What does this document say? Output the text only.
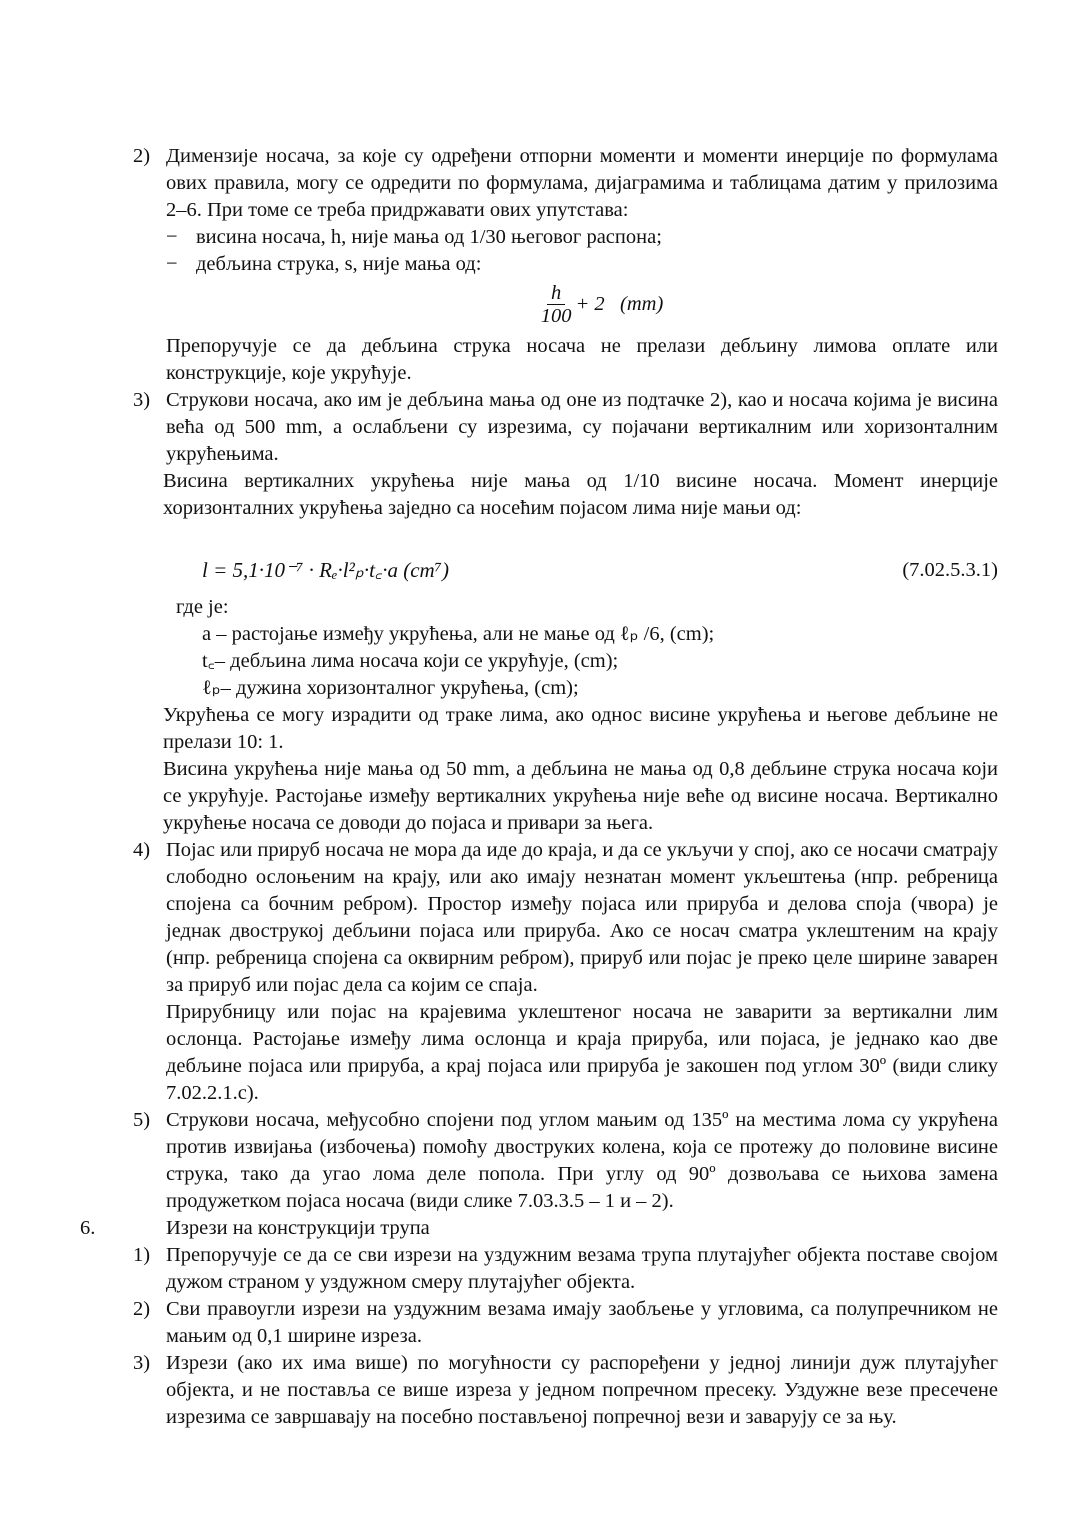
2) Димензије носача, за које су одређени отпорни моменти и моменти инерције по формулама ових правила, могу се одредити по формулама, дијаграмима и таблицама датим у прилозима 2–6. При томе се треба придржавати ових упутстава:

− висина носача, h, није мања од 1/30 његовог распона;
− дебљина струка, s, није мања од:
h
100
+ 2   (mm)

Препоручује се да дебљина струка носача не прелази дебљину лимова оплате или конструкције, које укрућује.

3) Струкови носача, ако им је дебљина мања од оне из подтачке 2), као и носача којима је висина већа од 500 mm, а ослабљени су изрезима, су појачани вертикалним или хоризонталним укрућењима.

Висина вертикалних укрућења није мања од 1/10 висине носача. Момент инерције хоризонталних укрућења заједно са носећим појасом лима није мањи од:

l = 5,1·10⁻⁷ · Rₑ·l²ₚ·t꜀·a (cm⁷)	(7.02.5.3.1)

где је:

a – растојање између укрућења, али не мање од ℓₚ /6, (cm);

t꜀– дебљина лима носача који се укрућује, (cm);

ℓₚ– дужина хоризонталног укрућења, (cm);

Укрућења се могу израдити од траке лима, ако однос висине укрућења и његове дебљине не прелази 10: 1.

Висина укрућења није мања од 50 mm, а дебљина не мања од 0,8 дебљине струка носача који се укрућује. Растојање између вертикалних укрућења није веће од висине носача. Вертикално укрућење носача се доводи до појаса и привари за њега.

4) Појас или прируб носача не мора да иде до краја, и да се укључи у спој, ако се носачи сматрају слободно ослоњеним на крају, или ако имају незнатан момент укљештења (нпр. ребреница спојена са бочним ребром). Простор између појаса или прируба и делова споја (чвора) је једнак двострукој дебљини појаса или прируба. Ако се носач сматра уклештеним на крају (нпр. ребреница спојена са оквирним ребром), прируб или појас је преко целе ширине заварен за прируб или појас дела са којим се спаја.

Прирубницу или појас на крајевима уклештеног носача не заварити за вертикални лим ослонца. Растојање између лима ослонца и краја прируба, или појаса, је једнако као две дебљине појаса или прируба, а крај појаса или прируба је закошен под углом 30º (види слику 7.02.2.1.с).

5) Струкови носача, међусобно спојени под углом мањим од 135º на местима лома су укрућена против извијања (избочења) помоћу двоструких колена, која се протежу до половине висине струка, тако да угао лома деле попола. При углу од 90º дозвољава се њихова замена продужетком појаса носача (види слике 7.03.3.5 – 1 и – 2).

6.	Изрези на конструкцији трупа

1) Препоручује се да се сви изрези на уздужним везама трупа плутајућег објекта поставе својом дужом страном у уздужном смеру плутајућег објекта.

2) Сви правоугли изрези на уздужним везама имају заобљење у угловима, са полупречником не мањим од 0,1 ширине изреза.

3) Изрези (ако их има више) по могућности су распоређени у једној линији дуж плутајућег објекта, и не поставља се више изреза у једном попречном пресеку. Уздужне везе пресечене изрезима се завршавају на посебно постављеној попречној вези и заварују се за њу.
